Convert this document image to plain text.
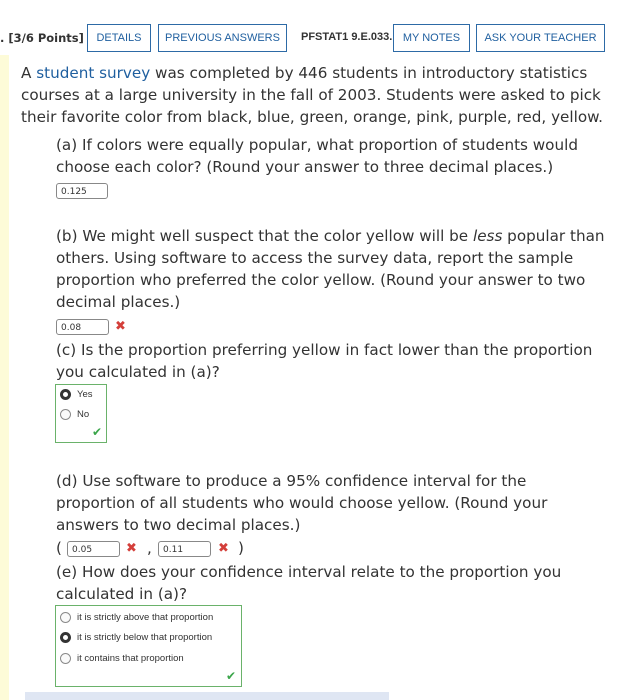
. [3/6 Points]	DETAILS	PREVIOUS ANSWERS	PFSTAT1 9.E.033. MY NOTES	ASK YOUR TEACHER
A student survey was completed by 446 students in introductory statistics
courses at a large university in the fall of 2003. Students were asked to pick
their favorite color from black, blue, green, orange, pink, purple, red, yellow.
(a) If colors were equally popular, what proportion of students would
choose each color? (Round your answer to three decimal places.)
0.125
(b) We might well suspect that the color yellow will be less popular than
others. Using software to access the survey data, report the sample
proportion who preferred the color yellow. (Round your answer to two
decimal places.)
0.08	✖
(c) Is the proportion preferring yellow in fact lower than the proportion
you calculated in (a)?
Yes
No
✔
(d) Use software to produce a 95% confidence interval for the
proportion of all students who would choose yellow. (Round your
answers to two decimal places.)
(	0.05	✖ ,	0.11	✖ )
(e) How does your confidence interval relate to the proportion you
calculated in (a)?
it is strictly above that proportion
it is strictly below that proportion
it contains that proportion
✔
